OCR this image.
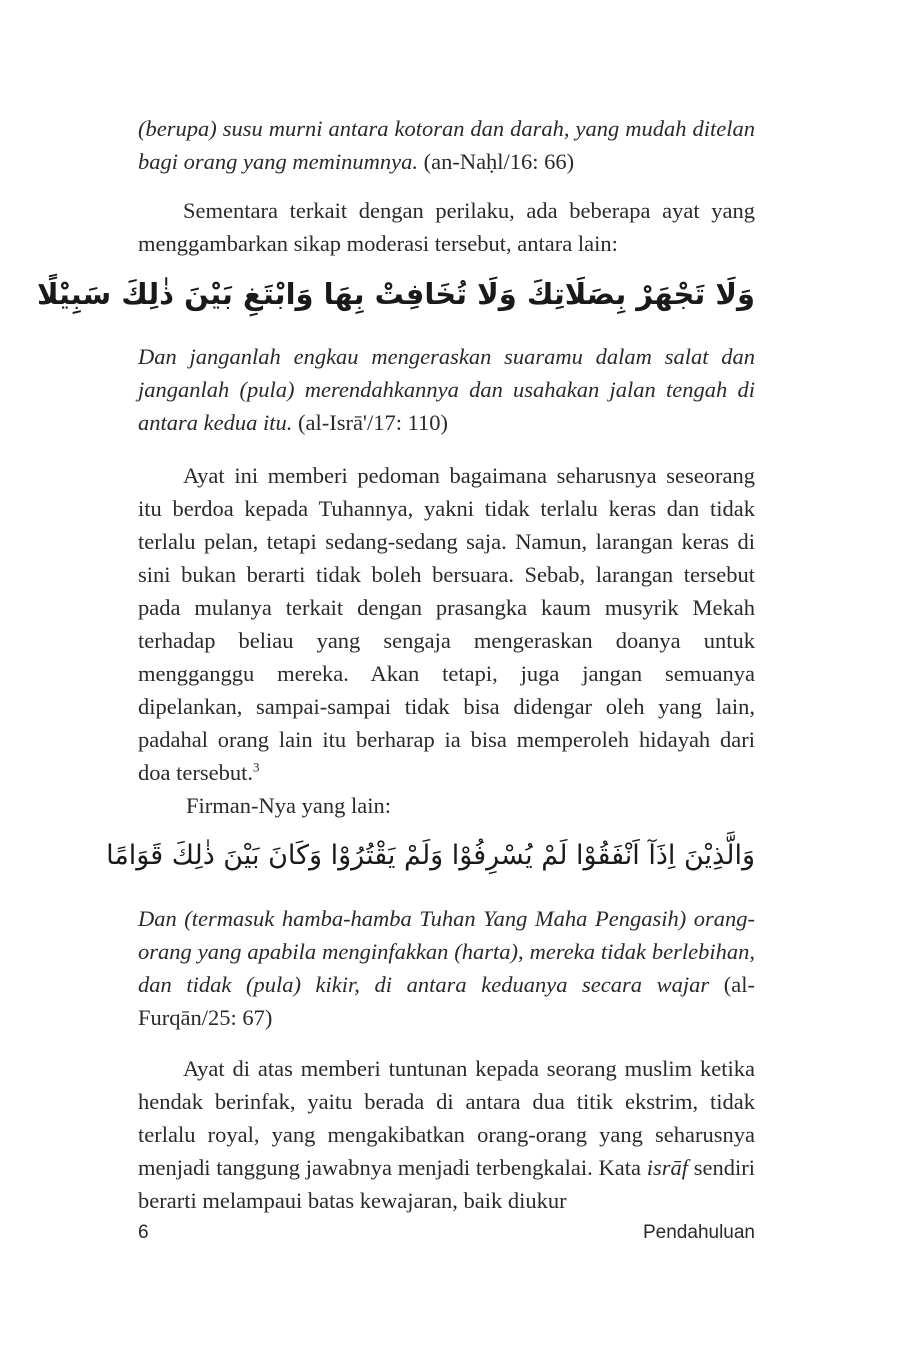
(berupa) susu murni antara kotoran dan darah, yang mudah ditelan bagi orang yang meminumnya. (an-Naḥl/16: 66)

Sementara terkait dengan perilaku, ada beberapa ayat yang menggambarkan sikap moderasi tersebut, antara lain:

وَلَا تَجْهَرْ بِصَلَاتِكَ وَلَا تُخَافِتْ بِهَا وَابْتَغِ بَيْنَ ذٰلِكَ سَبِيْلًا

Dan janganlah engkau mengeraskan suaramu dalam salat dan janganlah (pula) merendahkannya dan usahakan jalan tengah di antara kedua itu. (al-Isrā'/17: 110)

Ayat ini memberi pedoman bagaimana seharusnya seseorang itu berdoa kepada Tuhannya, yakni tidak terlalu keras dan tidak terlalu pelan, tetapi sedang-sedang saja. Namun, larangan keras di sini bukan berarti tidak boleh bersuara. Sebab, larangan tersebut pada mulanya terkait dengan prasangka kaum musyrik Mekah terhadap beliau yang sengaja mengeraskan doanya untuk mengganggu mereka. Akan tetapi, juga jangan semuanya dipelankan, sampai-sampai tidak bisa didengar oleh yang lain, padahal orang lain itu berharap ia bisa memperoleh hidayah dari doa tersebut.$^3$

Firman-Nya yang lain:

وَالَّذِيْنَ اِذَآ اَنْفَقُوْا لَمْ يُسْرِفُوْا وَلَمْ يَقْتُرُوْا وَكَانَ بَيْنَ ذٰلِكَ قَوَامًا

Dan (termasuk hamba-hamba Tuhan Yang Maha Pengasih) orang-orang yang apabila menginfakkan (harta), mereka tidak berlebihan, dan tidak (pula) kikir, di antara keduanya secara wajar (al-Furqān/25: 67)

Ayat di atas memberi tuntunan kepada seorang muslim ketika hendak berinfak, yaitu berada di antara dua titik ekstrim, tidak terlalu royal, yang mengakibatkan orang-orang yang seharusnya menjadi tanggung jawabnya menjadi terbengkalai. Kata isrāf sendiri berarti melampaui batas kewajaran, baik diukur

6	Pendahuluan
